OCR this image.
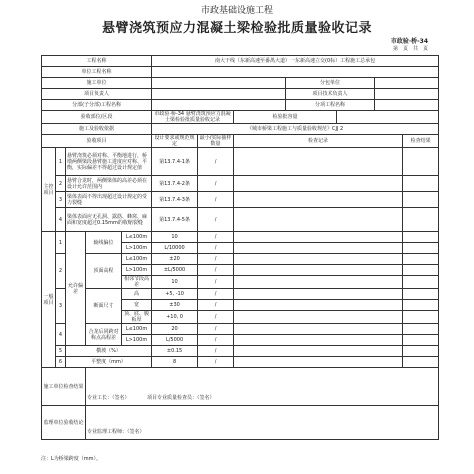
市政基础设施工程
悬臂浇筑预应力混凝土梁检验批质量验收记录
市政验·桥-34
第　页　共　页
工程名称					南大干线（东新高速至番禺大道）一东新高速立交(0标）工程施工总承包						
单位工程名称											
施工单位								分包单位			
项目负责人								项目技术负责人			
分部(子分部)工程名称								分项工程名称			
验收部位/区段					市政验·桥-34 悬臂浇筑预应力混凝土梁检验批质量验收记录		检验批容量				
施工及验收依据					《城市桥梁工程施工与质量验收规范》CJJ 2						
验收项目					设计要求或规范规定	最小/实际抽样数量	检查记录				检查结果
主控项目	1	悬臂浇筑必须对称、平衡地进行，桥墩两侧梁段悬臂施工进度应对称、平衡，实际偏差不得超过设计规定值			第13.7.4-1条	/					
	2	悬臂合龙时，两侧梁体的高差必须在设计允许范围内			第13.7.4-2条	/					
	3	梁体表面不得出现超过设计规定的受力裂缝			第13.7.4-3条	/					
	4	梁体表面应无孔洞、露筋、蜂窝、麻面和宽度超过0.15mm的收缩裂缝			第13.7.4-5条	/					
一般项目	1	允许偏差	轴线偏位	L≤100m	10	/					
				L>100m	L/10000	/					
	2		顶面高程	L≤100m	±20	/					
				L>100m	±L/5000	/					
				相邻节段高差	10	/					
	3		断面尺寸	高	+5, -10	/					
				宽	±30	/					
				顶、底、腹板厚	+10, 0	/					
	4		合龙后同跨对称点高程差	L≤100m	20	/					
				L>100m	L/5000	/					
	5	横坡（%）			±0.15	/					
	6	平整度（mm）			8	/					
施工单位检查结果			专业工长：（签名）　　　　项目专业质量检查员：（签名）								
监理单位验收结论			专业监理工程师：（签名）								
注：L为桥梁跨度（mm）。
